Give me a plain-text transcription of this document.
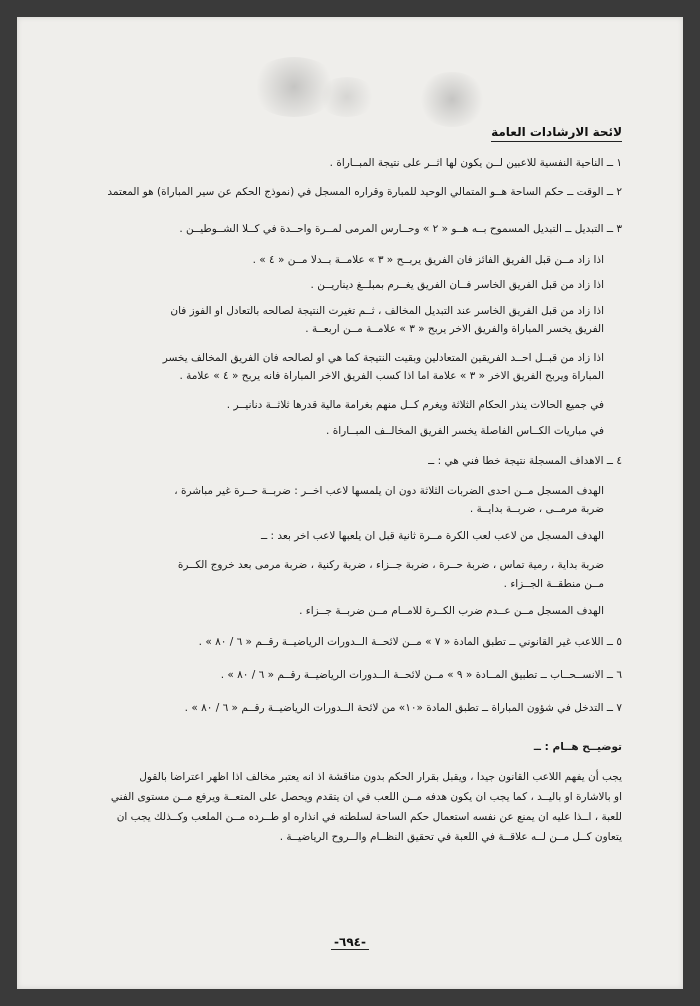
لائحة الارشادات العامة
١ ــ الناحية النفسية للاعبين لــن يكون لها اثــر على نتيجة المبــاراة .
٢ ــ الوقت ــ حكم الساحة هــو المتمالي الوحيد للمبارة وقراره المسجل في (نموذج الحكم عن سير المباراة) هو المعتمد
٣ ــ التبديل ــ التبديل المسموح بــه هــو « ٢ » وحــارس المرمى لمــرة واحــدة في كــلا الشــوطيــن .
اذا زاد مــن قبل الفريق الفائز فان الفريق يربــح « ٣ » علامــة بــدلا مــن « ٤ » .
اذا زاد من قبل الفريق الخاسر فــان الفريق يغــرم بمبلــغ ديناريــن .
اذا زاد من قبل الفريق الخاسر عند التبديل المخالف ، ثــم تغيرت النتيجة لصالحه بالتعادل او الفوز فان
الفريق يخسر المباراة والفريق الاخر يربح « ٣ » علامــة مــن اربعــة .
اذا زاد من قبــل احــد الفريقين المتعادلين وبقيت النتيجة كما هي او لصالحه فان الفريق المخالف يخسر
المباراة ويربح الفريق الاخر « ٣ » علامة اما اذا كسب الفريق الاخر المباراة فانه يربح « ٤ » علامة .
في جميع الحالات ينذر الحكام الثلاثة ويغرم كــل منهم بغرامة مالية قدرها ثلاثــة دنانيــر .
في مباريات الكــاس الفاصلة يخسر الفريق المخالــف المبــاراة .
٤ ــ الاهداف المسجلة نتيجة خطا فني هي : ــ
الهدف المسجل مــن احدى الضربات الثلاثة دون ان يلمسها لاعب اخــر : ضربــة حــرة غير مباشرة ،
ضربة مرمــى ، ضربــة بدايــة .
الهدف المسجل من لاعب لعب الكرة مــرة ثانية قبل ان يلعبها لاعب اخر بعد : ــ
ضربة بداية ، رمية تماس ، ضربة حــرة ، ضربة جــزاء ، ضربة ركنية ، ضربة مرمى بعد خروج الكــرة
مــن منطقــة الجــزاء .
الهدف المسجل مــن عــدم ضرب الكــرة للامــام مــن ضربــة جــزاء .
٥ ــ اللاعب غير القانوني ــ تطبق المادة « ٧ » مــن لائحــة الــدورات الرياضيــة رقــم « ٦ / ٨٠ » .
٦ ــ الانســحــاب ــ تطبيق المــادة « ٩ » مــن لائحــة الــدورات الرياضيــة رقــم « ٦ / ٨٠ » .
٧ ــ التدخل في شؤون المباراة ــ تطبق المادة «١٠» من لائحة الــدورات الرياضيــة رقــم « ٦ / ٨٠ » .
توضيــح هــام : ــ
يجب أن يفهم اللاعب القانون جيدا ، ويقبل بقرار الحكم بدون مناقشة اذ انه يعتبر مخالف اذا اظهر اعتراضا بالقول
او بالاشارة او باليــد ، كما يجب ان يكون هدفه مــن اللعب في ان يتقدم ويحصل على المتعــة ويرفع مــن مستوى الفني
للعبة ، اــذا عليه ان يمنع عن نفسه استعمال حكم الساحة لسلطته في انذاره او طــرده مــن الملعب وكــذلك يجب ان
يتعاون كــل مــن لــه علاقــة في اللعبة في تحقيق النظــام والــروح الرياضيــة .
-٦٩٤-
